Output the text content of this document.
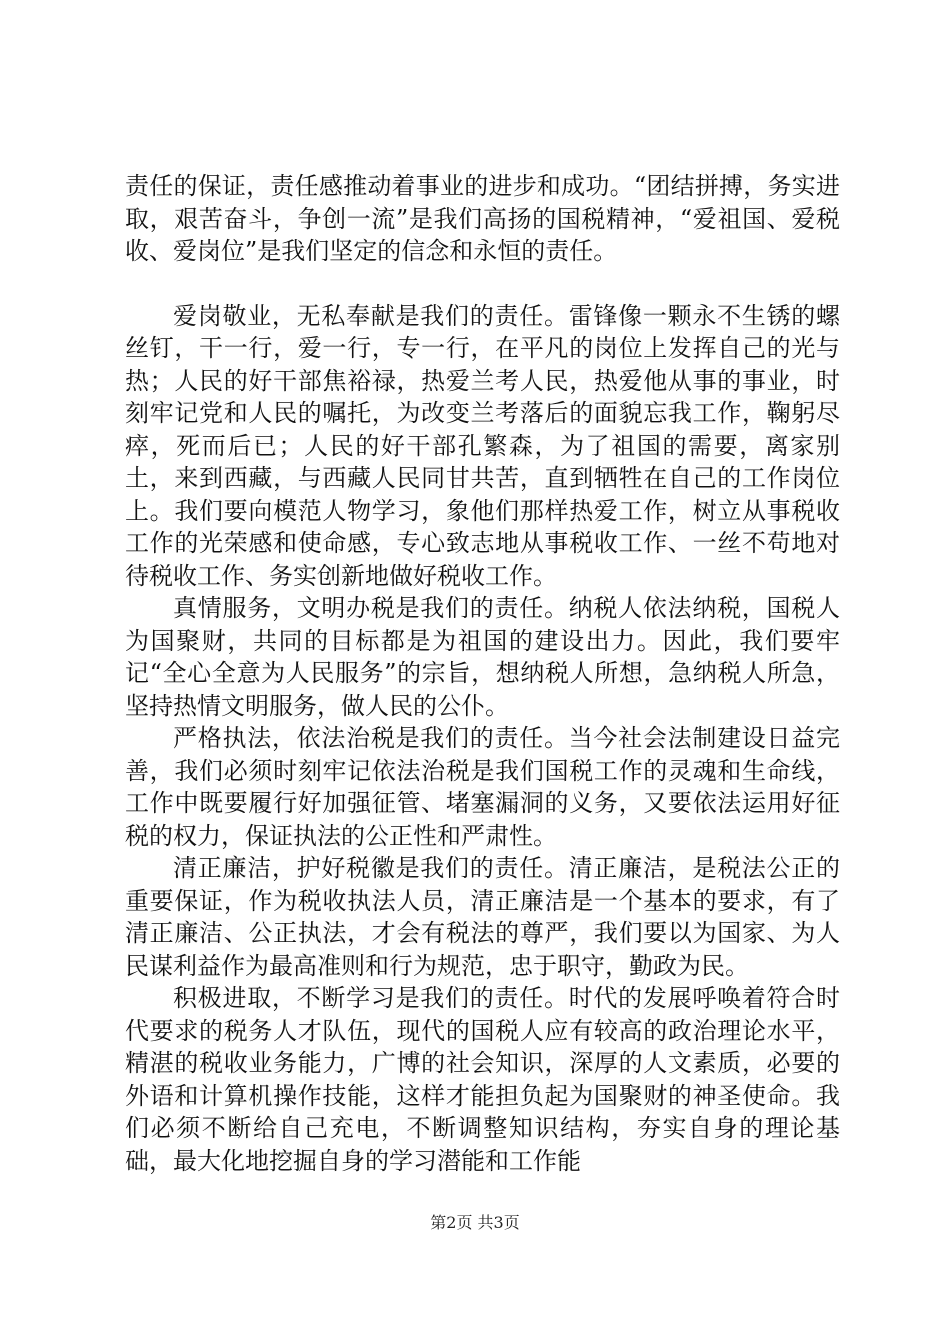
责任的保证，责任感推动着事业的进步和成功。“团结拼搏，务实进取，艰苦奋斗，争创一流”是我们高扬的国税精神，“爱祖国、爱税收、爱岗位”是我们坚定的信念和永恒的责任。

爱岗敬业，无私奉献是我们的责任。雷锋像一颗永不生锈的螺丝钉，干一行，爱一行，专一行，在平凡的岗位上发挥自己的光与热；人民的好干部焦裕禄，热爱兰考人民，热爱他从事的事业，时刻牢记党和人民的嘱托，为改变兰考落后的面貌忘我工作，鞠躬尽瘁，死而后已；人民的好干部孔繁森，为了祖国的需要，离家别土，来到西藏，与西藏人民同甘共苦，直到牺牲在自己的工作岗位上。我们要向模范人物学习，象他们那样热爱工作，树立从事税收工作的光荣感和使命感，专心致志地从事税收工作、一丝不苟地对待税收工作、务实创新地做好税收工作。

真情服务，文明办税是我们的责任。纳税人依法纳税，国税人为国聚财，共同的目标都是为祖国的建设出力。因此，我们要牢记“全心全意为人民服务”的宗旨，想纳税人所想，急纳税人所急，坚持热情文明服务，做人民的公仆。

严格执法，依法治税是我们的责任。当今社会法制建设日益完善，我们必须时刻牢记依法治税是我们国税工作的灵魂和生命线，工作中既要履行好加强征管、堵塞漏洞的义务，又要依法运用好征税的权力，保证执法的公正性和严肃性。

清正廉洁，护好税徽是我们的责任。清正廉洁，是税法公正的重要保证，作为税收执法人员，清正廉洁是一个基本的要求，有了清正廉洁、公正执法，才会有税法的尊严，我们要以为国家、为人民谋利益作为最高准则和行为规范，忠于职守，勤政为民。

积极进取，不断学习是我们的责任。时代的发展呼唤着符合时代要求的税务人才队伍，现代的国税人应有较高的政治理论水平，精湛的税收业务能力，广博的社会知识，深厚的人文素质，必要的外语和计算机操作技能，这样才能担负起为国聚财的神圣使命。我们必须不断给自己充电，不断调整知识结构，夯实自身的理论基础，最大化地挖掘自身的学习潜能和工作能

第2页 共3页
